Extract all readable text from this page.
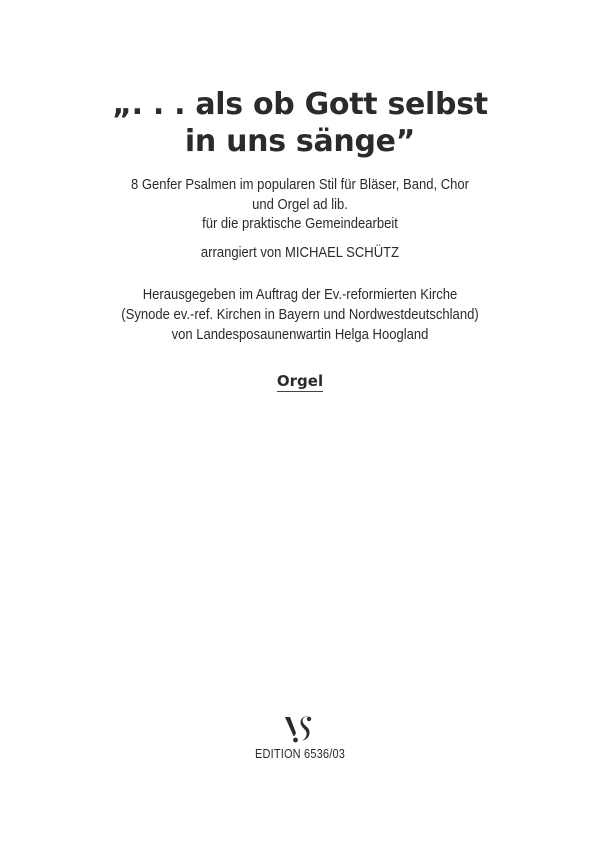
„. . . als ob Gott selbst
in uns sänge”
8 Genfer Psalmen im popularen Stil für Bläser, Band, Chor
und Orgel ad lib.
für die praktische Gemeindearbeit
arrangiert von MICHAEL SCHÜTZ
Herausgegeben im Auftrag der Ev.-reformierten Kirche
(Synode ev.-ref. Kirchen in Bayern und Nordwestdeutschland)
von Landesposaunenwartin Helga Hoogland
Orgel
EDITION 6536/03
